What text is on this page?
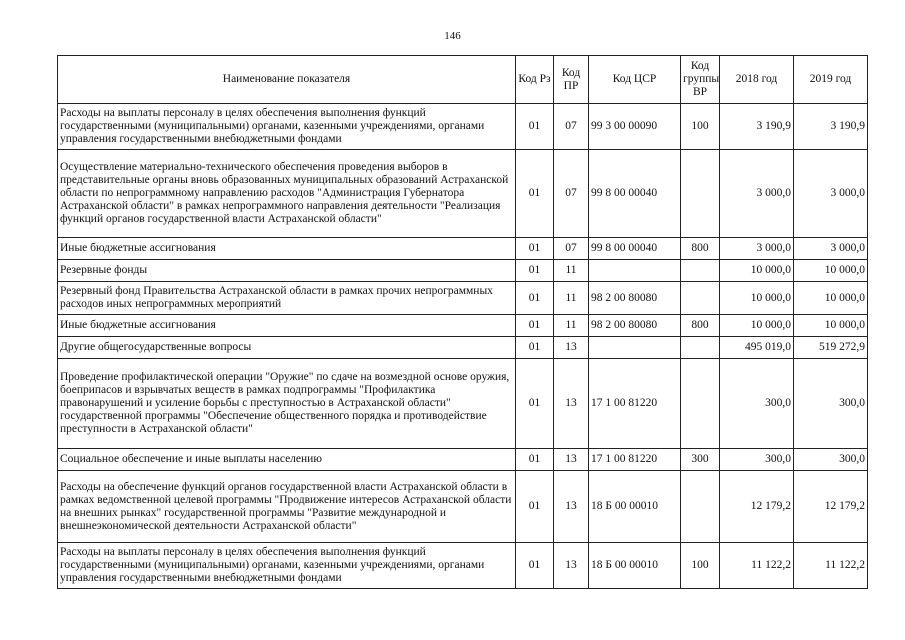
146
Наименование показателя	Код Рз	Код ПР	Код ЦСР	Код группы ВР	2018 год	2019 год
Расходы на выплаты персоналу в целях обеспечения выполнения функций государственными (муниципальными) органами, казенными учреждениями, органами управления государственными внебюджетными фондами	01	07	99 3 00 00090	100	3 190,9	3 190,9
Осуществление материально-технического обеспечения проведения выборов в представительные органы вновь образованных муниципальных образований Астраханской области по непрограммному направлению расходов "Администрация Губернатора Астраханской области" в рамках непрограммного направления деятельности "Реализация функций органов государственной власти Астраханской области"	01	07	99 8 00 00040		3 000,0	3 000,0
Иные бюджетные ассигнования	01	07	99 8 00 00040	800	3 000,0	3 000,0
Резервные фонды	01	11			10 000,0	10 000,0
Резервный фонд Правительства Астраханской области в рамках прочих непрограммных расходов иных непрограммных мероприятий	01	11	98 2 00 80080		10 000,0	10 000,0
Иные бюджетные ассигнования	01	11	98 2 00 80080	800	10 000,0	10 000,0
Другие общегосударственные вопросы	01	13			495 019,0	519 272,9
Проведение профилактической операции "Оружие" по сдаче на возмездной основе оружия, боеприпасов и взрывчатых веществ в рамках подпрограммы "Профилактика правонарушений и усиление борьбы с преступностью в Астраханской области" государственной программы "Обеспечение общественного порядка и противодействие преступности в Астраханской области"	01	13	17 1 00 81220		300,0	300,0
Социальное обеспечение и иные выплаты населению	01	13	17 1 00 81220	300	300,0	300,0
Расходы на обеспечение функций органов государственной власти Астраханской области в рамках ведомственной целевой программы "Продвижение интересов Астраханской области на внешних рынках" государственной программы "Развитие международной и внешнеэкономической деятельности Астраханской области"	01	13	18 Б 00 00010		12 179,2	12 179,2
Расходы на выплаты персоналу в целях обеспечения выполнения функций государственными (муниципальными) органами, казенными учреждениями, органами управления государственными внебюджетными фондами	01	13	18 Б 00 00010	100	11 122,2	11 122,2
